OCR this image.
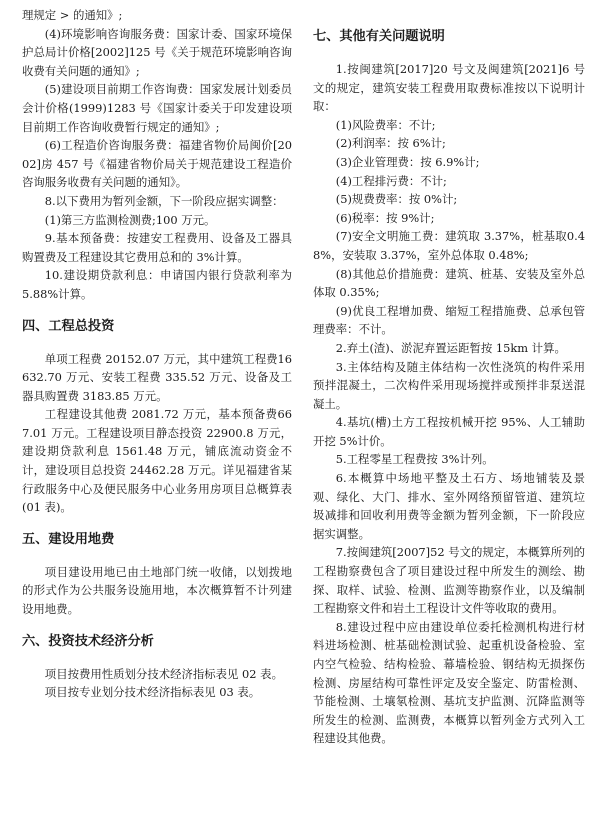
理规定 > 的通知》;

(4)环境影响咨询服务费：国家计委、国家环境保护总局计价格[2002]125 号《关于规范环境影响咨询收费有关问题的通知》;

(5)建设项目前期工作咨询费：国家发展计划委员会计价格(1999)1283 号《国家计委关于印发建设项目前期工作咨询收费暂行规定的通知》;

(6)工程造价咨询服务费：福建省物价局闽价[2002]房 457 号《福建省物价局关于规范建设工程造价咨询服务收费有关问题的通知》。

8.以下费用为暂列金额，下一阶段应据实调整：

(1)第三方监测检测费;100 万元。

9.基本预备费：按建安工程费用、设备及工器具购置费及工程建设其它费用总和的 3%计算。

10.建设期贷款利息：申请国内银行贷款利率为 5.88%计算。

四、工程总投资

单项工程费 20152.07 万元，其中建筑工程费16632.70 万元、安装工程费 335.52 万元、设备及工器具购置费 3183.85 万元。

工程建设其他费 2081.72 万元，基本预备费667.01 万元。工程建设项目静态投资 22900.8 万元，建设期贷款利息 1561.48 万元，铺底流动资金不计，建设项目总投资 24462.28 万元。详见福建省某行政服务中心及便民服务中心业务用房项目总概算表(01 表)。

五、建设用地费

项目建设用地已由土地部门统一收储，以划拨地的形式作为公共服务设施用地，本次概算暂不计列建设用地费。

六、投资技术经济分析

项目按费用性质划分技术经济指标表见 02 表。

项目按专业划分技术经济指标表见 03 表。

七、其他有关问题说明

1.按闽建筑[2017]20 号文及闽建筑[2021]6 号文的规定，建筑安装工程费用取费标准按以下说明计取：

(1)风险费率：不计;

(2)利润率：按 6%计;

(3)企业管理费：按 6.9%计;

(4)工程排污费：不计;

(5)规费费率：按 0%计;

(6)税率：按 9%计;

(7)安全文明施工费：建筑取 3.37%，桩基取0.48%，安装取 3.37%，室外总体取 0.48%;

(8)其他总价措施费：建筑、桩基、安装及室外总体取 0.35%;

(9)优良工程增加费、缩短工程措施费、总承包管理费率：不计。

2.弃土(渣)、淤泥弃置运距暂按 15km 计算。

3.主体结构及随主体结构一次性浇筑的构件采用预拌混凝土，二次构件采用现场搅拌或预拌非泵送混凝土。

4.基坑(槽)土方工程按机械开挖 95%、人工辅助开挖 5%计价。

5.工程零星工程费按 3%计列。

6.本概算中场地平整及土石方、场地铺装及景观、绿化、大门、排水、室外网络预留管道、建筑垃圾减排和回收利用费等金额为暂列金额，下一阶段应据实调整。

7.按闽建筑[2007]52 号文的规定，本概算所列的工程勘察费包含了项目建设过程中所发生的测绘、勘探、取样、试验、检测、监测等勘察作业，以及编制工程勘察文件和岩土工程设计文件等收取的费用。

8.建设过程中应由建设单位委托检测机构进行材料进场检测、桩基础检测试验、起重机设备检验、室内空气检验、结构检验、幕墙检验、钢结构无损探伤检测、房屋结构可靠性评定及安全鉴定、防雷检测、节能检测、土壤氡检测、基坑支护监测、沉降监测等所发生的检测、监测费，本概算以暂列金方式列入工程建设其他费。
